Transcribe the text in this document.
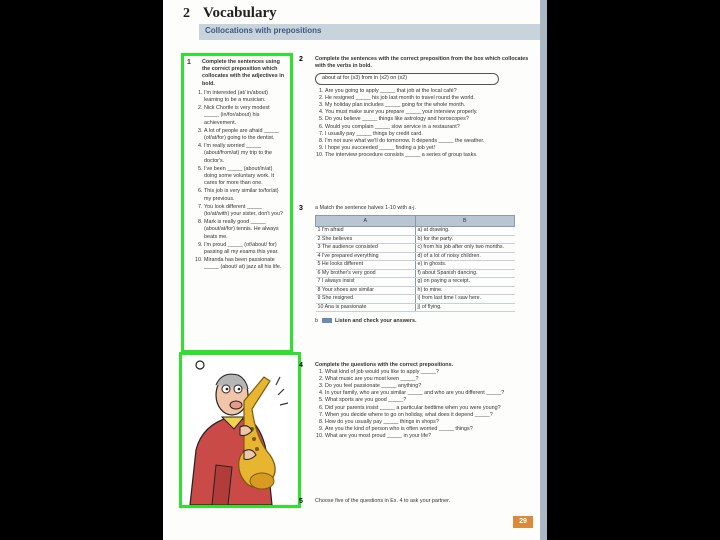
2 Vocabulary
Collocations with prepositions
1 Complete the sentences using the correct preposition which collocates with the adjectives in bold.
1. I'm interested (at/ in/about) learning to be a musician.
2. Nick Chortle is very modest _____ (in/for/about) his achievement.
3. A lot of people are afraid _____ (of/at/for) going to the dentist.
4. I'm really worried _____ (about/from/at) my trip to the doctor's.
5. I've been _____ (about/in/at) doing some voluntary work. It cares for more than one.
6. This job is very similar to/for/at) my previous.
7. You look different _____ (to/at/with) your sister, don't you?
8. Mark is really good _____ (about/at/for) tennis. He always beats me.
9. I'm proud _____ (of/about/ for) passing all my exams this year.
10. Miranda has been passionate _____ (about/ at) jazz all his life.
2 Complete the sentences with the correct preposition from the box which collocates with the verbs in bold.
about at for (x3) from in (x2) on (x2)
1. Are you going to apply _____ that job at the local café?
2. He resigned _____ his job last month to travel round the world.
3. My holiday plan includes _____ going for the whole month.
4. You must make sure you prepare _____ your interview properly.
5. Do you believe _____ things like astrology and horoscopes?
6. Would you complain _____ slow service in a restaurant?
7. I usually pay _____ things by credit card.
8. I'm not sure what we'll do tomorrow. It depends _____ the weather.
9. I hope you succeeded _____ finding a job yet!
10. The interview procedure consists _____ a series of group tasks.
3 a Match the sentence halves 1-10 with a-j.
A	B
1 I'm afraid	a) at drawing.
2 She believes	b) for the party.
3 The audience consisted	c) from his job after only two months.
4 I've prepared everything	d) of a lot of noisy children.
5 He looks different	e) in ghosts.
6 My brother's very good	f) about Spanish dancing.
7 I always insist	g) on paying a receipt.
8 Your shoes are similar	h) to mine.
9 She resigned	i) from last time I saw here.
10 Ana is passionate	j) of flying.
b	Listen and check your answers.
4 Complete the questions with the correct prepositions.
1. What kind of job would you like to apply _____?
2. What music are you most keen _____?
3. Do you feel passionate _____ anything?
4. In your family, who are you similar _____ and who are you different _____?
5. What sports are you good _____?
6. Did your parents insist _____ a particular bedtime when you were young?
7. When you decide where to go on holiday, what does it depend _____?
8. How do you usually pay _____ things in shops?
9. Are you the kind of person who is often worried _____ things?
10. What are you most proud _____ in your life?
5 Choose five of the questions in Ex. 4 to ask your partner.
29
